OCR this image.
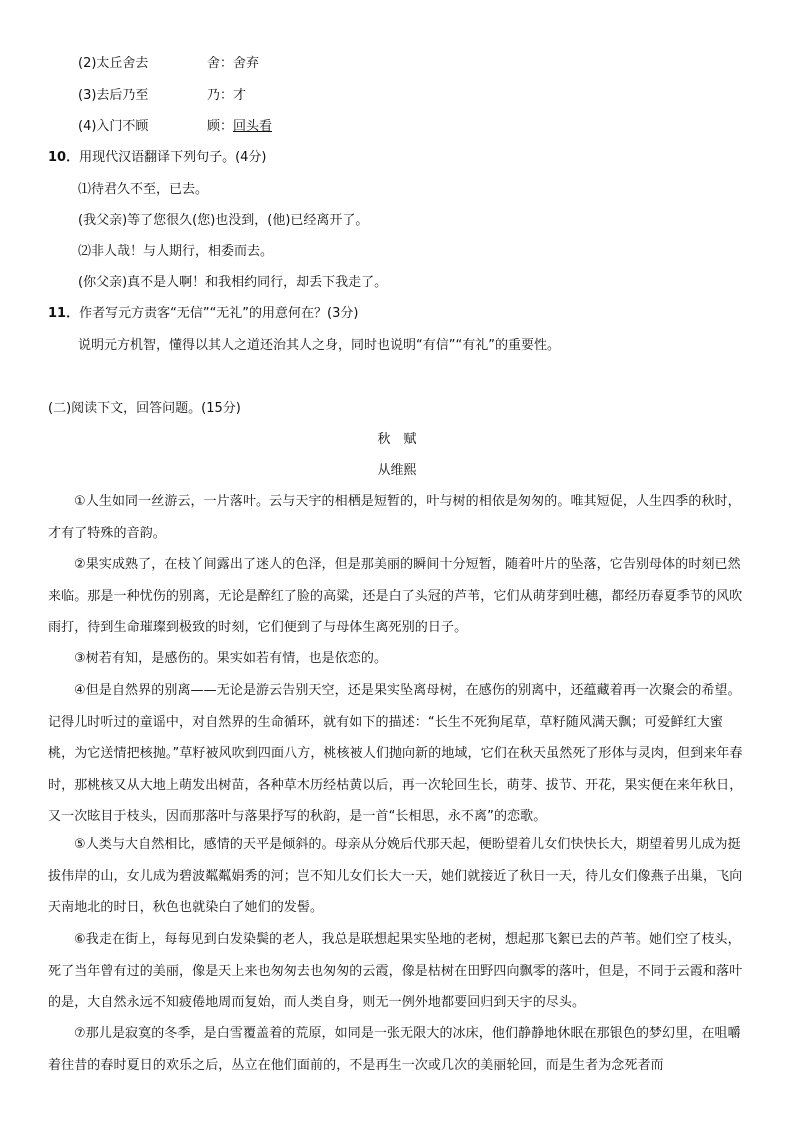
(2)太丘舍去	舍：舍弃
(3)去后乃至	乃：才
(4)入门不顾	顾：回头看
10．用现代汉语翻译下列句子。(4分)
⑴待君久不至，已去。
(我父亲)等了您很久(您)也没到，(他)已经离开了。
⑵非人哉！与人期行，相委而去。
(你父亲)真不是人啊！和我相约同行，却丢下我走了。
11．作者写元方责客“无信”“无礼”的用意何在？(3分)
说明元方机智，懂得以其人之道还治其人之身，同时也说明“有信”“有礼”的重要性。
(二)阅读下文，回答问题。(15分)
秋　赋
从维熙
①人生如同一丝游云，一片落叶。云与天宇的相栖是短暂的，叶与树的相依是匆匆的。唯其短促，人生四季的秋时，才有了特殊的音韵。
②果实成熟了，在枝丫间露出了迷人的色泽，但是那美丽的瞬间十分短暂，随着叶片的坠落，它告别母体的时刻已然来临。那是一种忧伤的别离，无论是醉红了脸的高粱，还是白了头冠的芦苇，它们从萌芽到吐穗，都经历春夏季节的风吹雨打，待到生命璀璨到极致的时刻，它们便到了与母体生离死别的日子。
③树若有知，是感伤的。果实如若有情，也是依恋的。
④但是自然界的别离——无论是游云告别天空，还是果实坠离母树，在感伤的别离中，还蕴藏着再一次聚会的希望。记得儿时听过的童谣中，对自然界的生命循环，就有如下的描述：“长生不死狗尾草，草籽随风满天飘；可爱鲜红大蜜桃，为它送情把核抛。”草籽被风吹到四面八方，桃核被人们抛向新的地域，它们在秋天虽然死了形体与灵肉，但到来年春时，那桃核又从大地上萌发出树苗，各种草木历经枯黄以后，再一次轮回生长，萌芽、拔节、开花，果实便在来年秋日，又一次眩目于枝头，因而那落叶与落果抒写的秋韵，是一首“长相思，永不离”的恋歌。
⑤人类与大自然相比，感情的天平是倾斜的。母亲从分娩后代那天起，便盼望着儿女们快快长大，期望着男儿成为挺拔伟岸的山，女儿成为碧波粼粼娟秀的河；岂不知儿女们长大一天，她们就接近了秋日一天，待儿女们像燕子出巢，飞向天南地北的时日，秋色也就染白了她们的发髻。
⑥我走在街上，每每见到白发染鬓的老人，我总是联想起果实坠地的老树，想起那飞絮已去的芦苇。她们空了枝头，死了当年曾有过的美丽，像是天上来也匆匆去也匆匆的云霞，像是枯树在田野四向飘零的落叶，但是，不同于云霞和落叶的是，大自然永远不知疲倦地周而复始，而人类自身，则无一例外地都要回归到天宇的尽头。
⑦那儿是寂寞的冬季，是白雪覆盖着的荒原，如同是一张无限大的冰床，他们静静地休眠在那银色的梦幻里，在咀嚼着往昔的春时夏日的欢乐之后，丛立在他们面前的，不是再生一次或几次的美丽轮回，而是生者为念死者而
